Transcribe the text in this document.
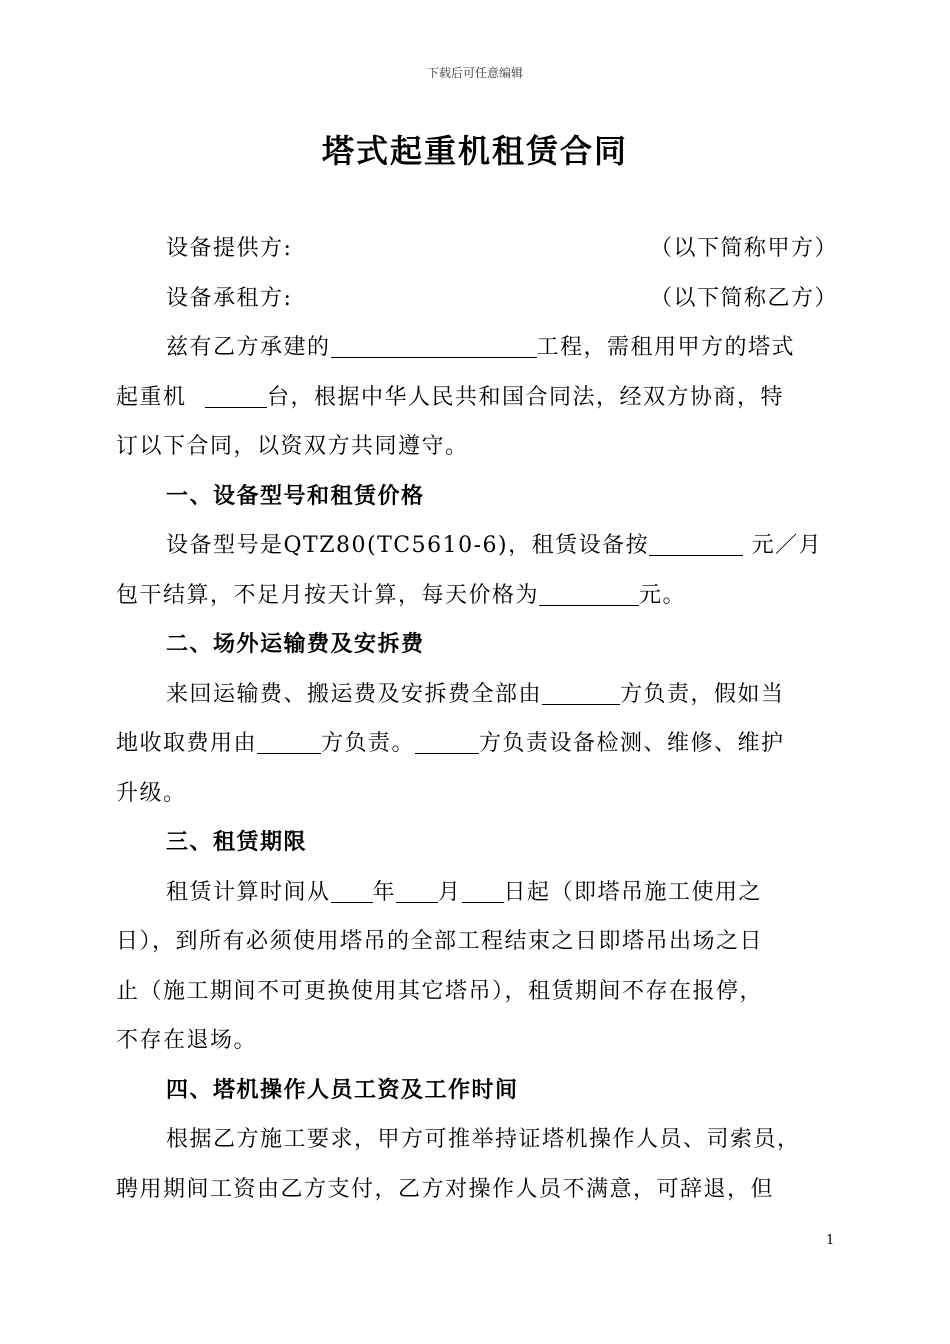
下载后可任意编辑
塔式起重机租赁合同
设备提供方:	（以下简称甲方）
设备承租方:	（以下简称乙方）
兹有乙方承建的	工程，需租用甲方的塔式
起重机	台，根据中华人民共和国合同法，经双方协商，特
订以下合同，以资双方共同遵守。
一、设备型号和租赁价格
设备型号是QTZ80(TC5610-6)，租赁设备按	元／月
包干结算，不足月按天计算，每天价格为	元。
二、场外运输费及安拆费
来回运输费、搬运费及安拆费全部由	方负责，假如当
地收取费用由	方负责。	方负责设备检测、维修、维护
升级。
三、租赁期限
租赁计算时间从 年 月 日起（即塔吊施工使用之
日），到所有必须使用塔吊的全部工程结束之日即塔吊出场之日
止（施工期间不可更换使用其它塔吊），租赁期间不存在报停，
不存在退场。
四、塔机操作人员工资及工作时间
根据乙方施工要求，甲方可推举持证塔机操作人员、司索员，
聘用期间工资由乙方支付，乙方对操作人员不满意，可辞退，但
1
